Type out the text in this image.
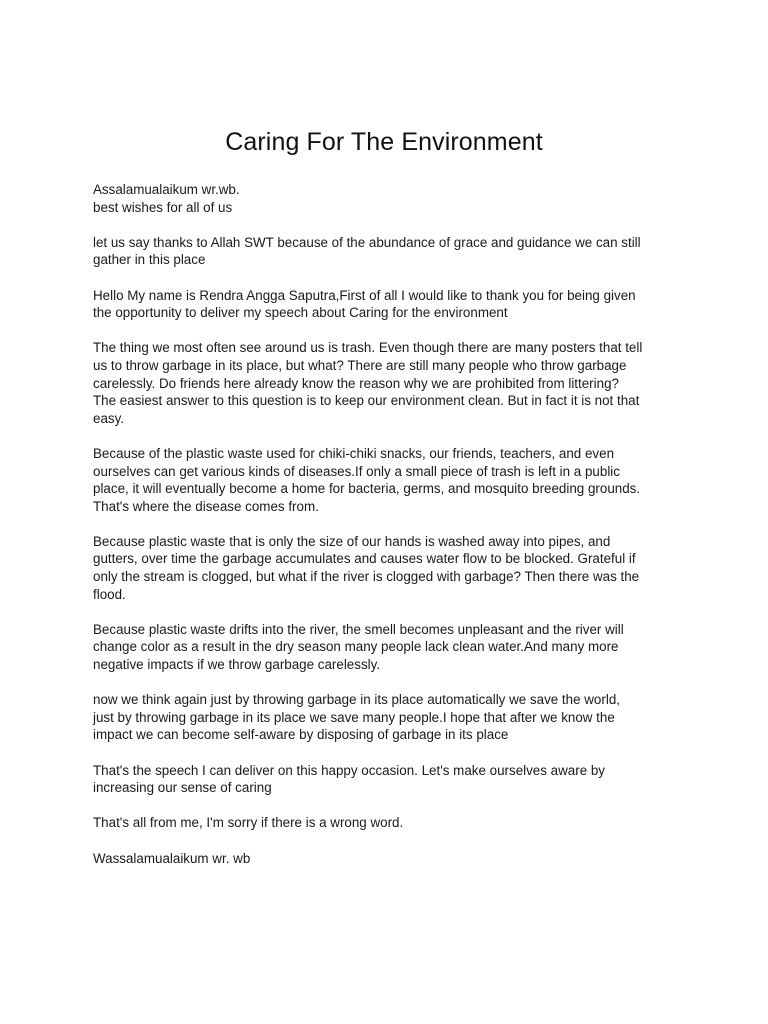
Caring For The Environment

Assalamualaikum wr.wb.
best wishes for all of us

let us say thanks to Allah SWT because of the abundance of grace and guidance we can still
gather in this place

Hello My name is Rendra Angga Saputra,First of all I would like to thank you for being given
the opportunity to deliver my speech about Caring for the environment

The thing we most often see around us is trash. Even though there are many posters that tell
us to throw garbage in its place, but what? There are still many people who throw garbage
carelessly. Do friends here already know the reason why we are prohibited from littering?
The easiest answer to this question is to keep our environment clean. But in fact it is not that
easy.

Because of the plastic waste used for chiki-chiki snacks, our friends, teachers, and even
ourselves can get various kinds of diseases.If only a small piece of trash is left in a public
place, it will eventually become a home for bacteria, germs, and mosquito breeding grounds.
That's where the disease comes from.

Because plastic waste that is only the size of our hands is washed away into pipes, and
gutters, over time the garbage accumulates and causes water flow to be blocked. Grateful if
only the stream is clogged, but what if the river is clogged with garbage? Then there was the
flood.

Because plastic waste drifts into the river, the smell becomes unpleasant and the river will
change color as a result in the dry season many people lack clean water.And many more
negative impacts if we throw garbage carelessly.

now we think again just by throwing garbage in its place automatically we save the world,
just by throwing garbage in its place we save many people.I hope that after we know the
impact we can become self-aware by disposing of garbage in its place

That's the speech I can deliver on this happy occasion. Let's make ourselves aware by
increasing our sense of caring

That's all from me, I'm sorry if there is a wrong word.

Wassalamualaikum wr. wb
